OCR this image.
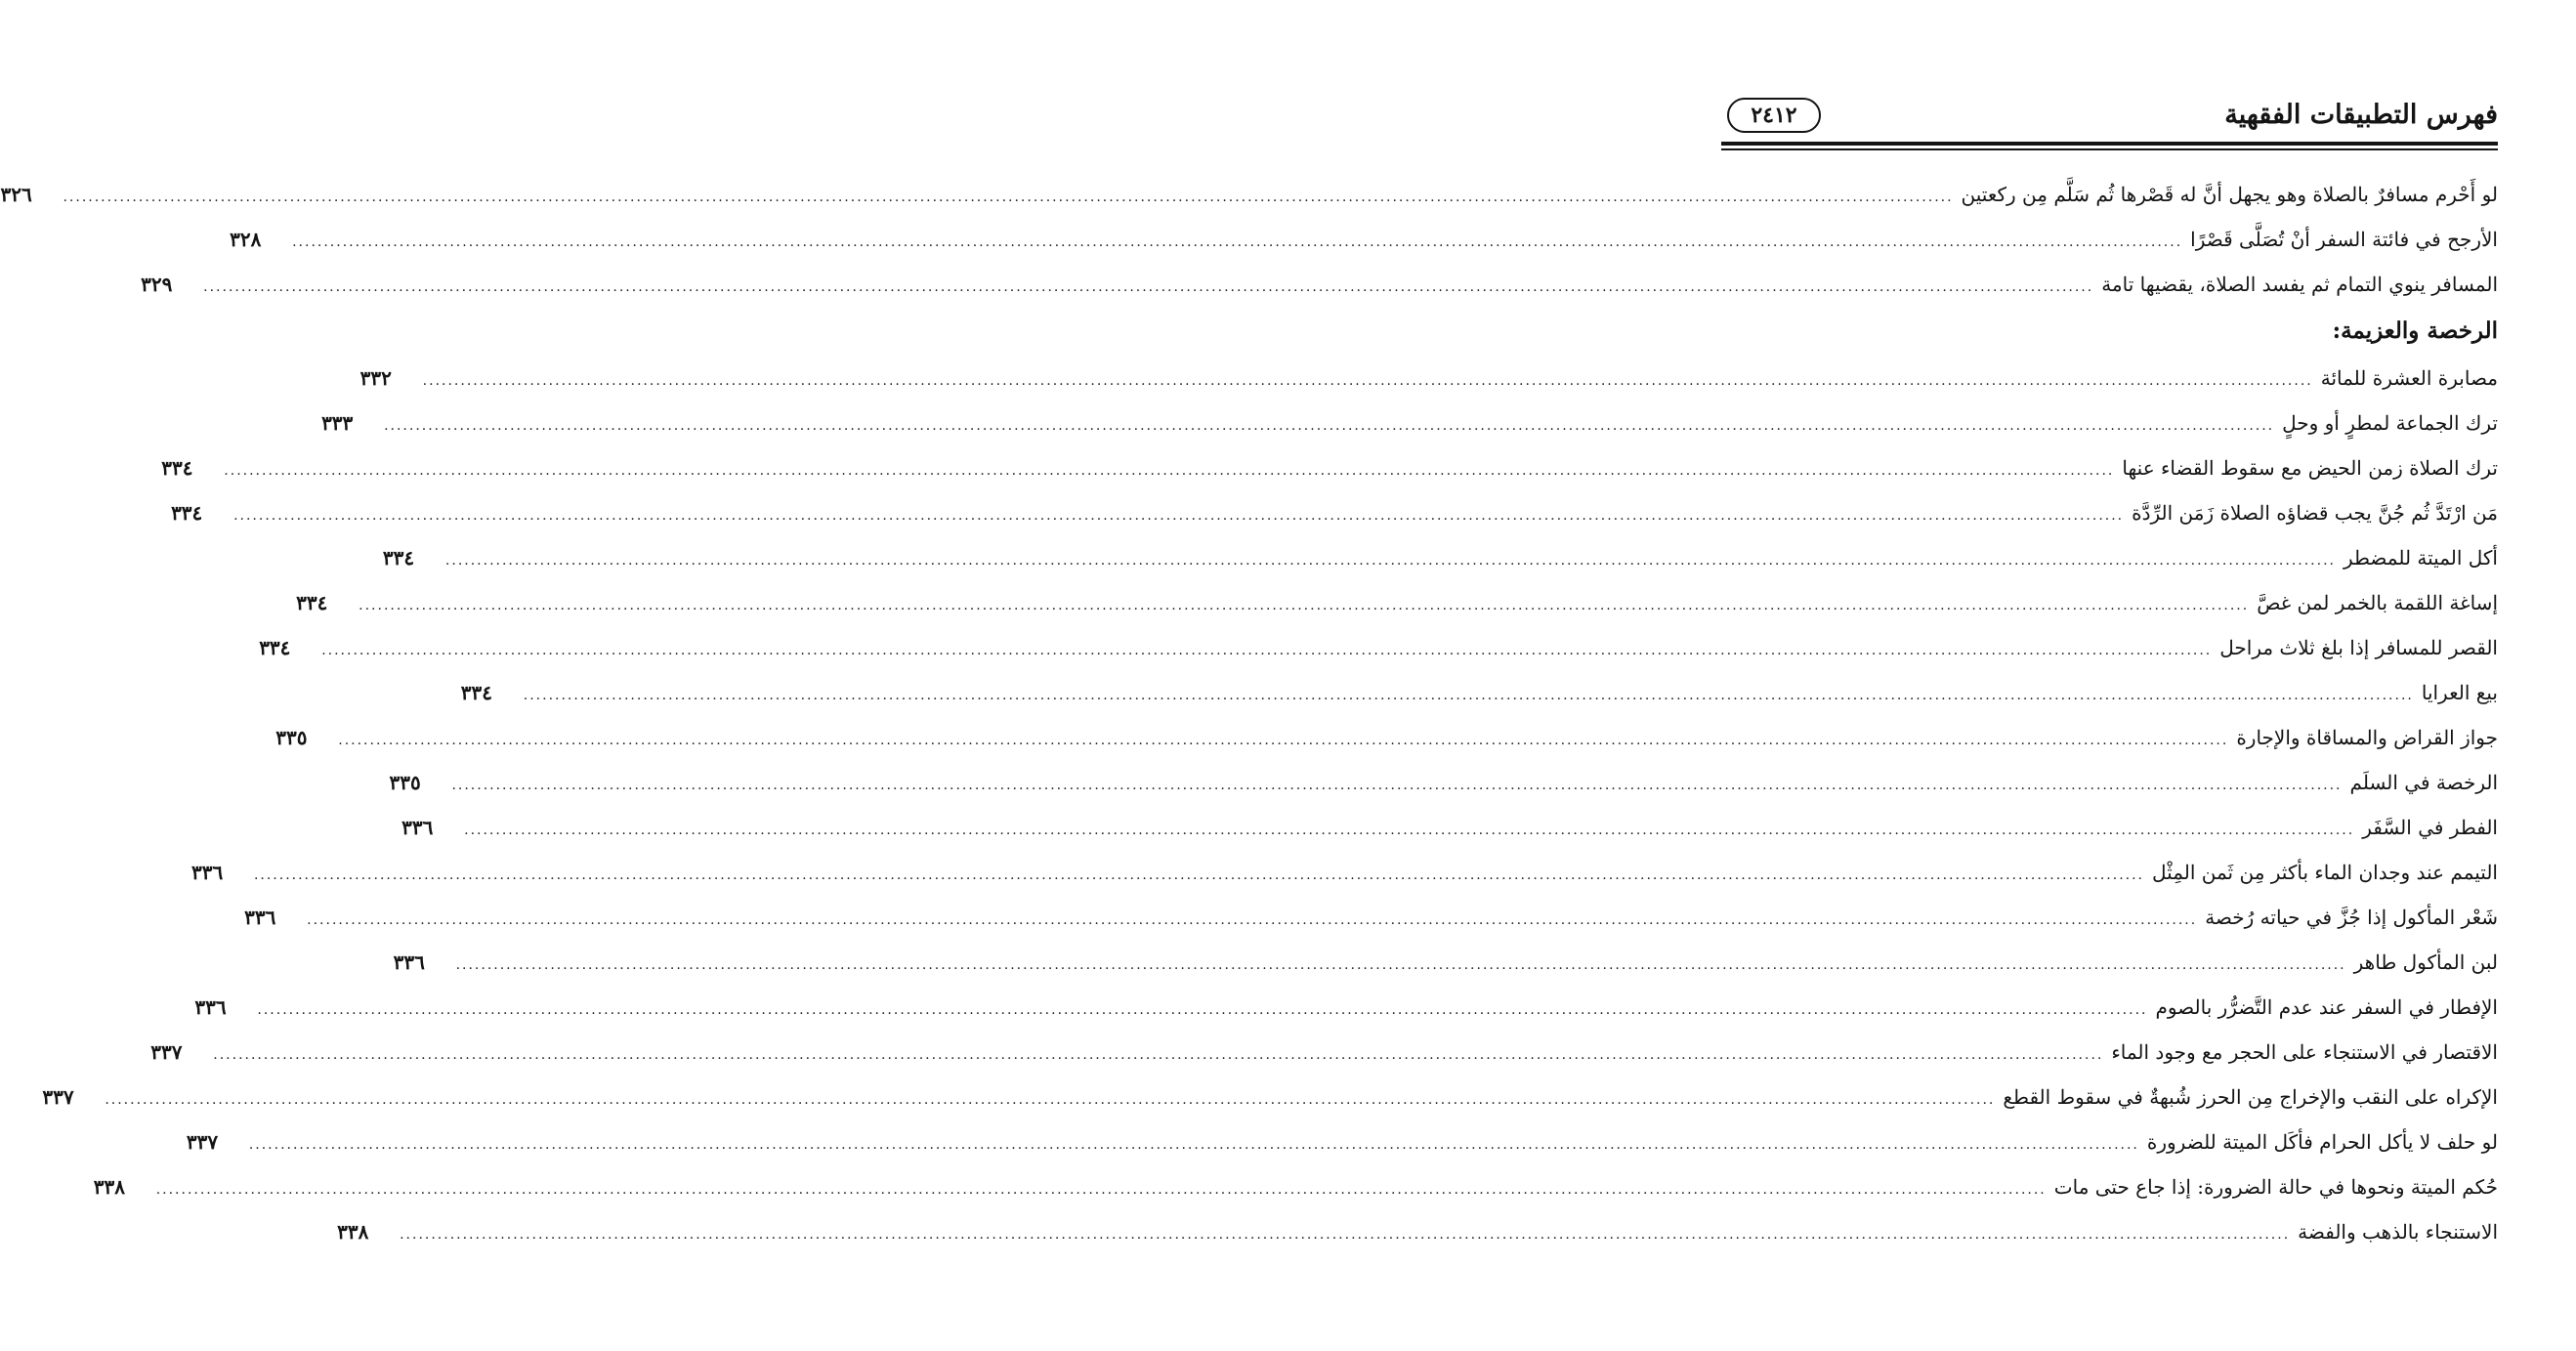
فهرس التطبيقات الفقهية
٢٤١٢
لو أَحْرم مسافرٌ بالصلاة وهو يجهل أنَّ له قَصْرها ثُم سَلَّم مِن ركعتين
............................................................................................................................................................................................................................................................................................................
٣٢٦
الأرجح في فائتة السفر أنْ تُصَلَّى قَصْرًا
............................................................................................................................................................................................................................................................................................................
٣٢٨
المسافر ينوي التمام ثم يفسد الصلاة، يقضيها تامة
............................................................................................................................................................................................................................................................................................................
٣٢٩
الرخصة والعزيمة:
مصابرة العشرة للمائة
............................................................................................................................................................................................................................................................................................................
٣٣٢
ترك الجماعة لمطرٍ أو وحلٍ
............................................................................................................................................................................................................................................................................................................
٣٣٣
ترك الصلاة زمن الحيض مع سقوط القضاء عنها
............................................................................................................................................................................................................................................................................................................
٣٣٤
مَن ارْتَدَّ ثُم جُنَّ يجب قضاؤه الصلاة زَمَن الرِّدَّة
............................................................................................................................................................................................................................................................................................................
٣٣٤
أكل الميتة للمضطر
............................................................................................................................................................................................................................................................................................................
٣٣٤
إساغة اللقمة بالخمر لمن غصَّ
............................................................................................................................................................................................................................................................................................................
٣٣٤
القصر للمسافر إذا بلغ ثلاث مراحل
............................................................................................................................................................................................................................................................................................................
٣٣٤
بيع العرايا
............................................................................................................................................................................................................................................................................................................
٣٣٤
جواز القراض والمساقاة والإجارة
............................................................................................................................................................................................................................................................................................................
٣٣٥
الرخصة في السلَم
............................................................................................................................................................................................................................................................................................................
٣٣٥
الفطر في السَّفَر
............................................................................................................................................................................................................................................................................................................
٣٣٦
التيمم عند وجدان الماء بأكثر مِن ثَمن المِثْل
............................................................................................................................................................................................................................................................................................................
٣٣٦
شَعْر المأكول إذا جُزَّ في حياته رُخصة
............................................................................................................................................................................................................................................................................................................
٣٣٦
لبن المأكول طاهر
............................................................................................................................................................................................................................................................................................................
٣٣٦
الإفطار في السفر عند عدم التَّضرُّر بالصوم
............................................................................................................................................................................................................................................................................................................
٣٣٦
الاقتصار في الاستنجاء على الحجر مع وجود الماء
............................................................................................................................................................................................................................................................................................................
٣٣٧
الإكراه على النقب والإخراج مِن الحرز شُبهةٌ في سقوط القطع
............................................................................................................................................................................................................................................................................................................
٣٣٧
لو حلف لا يأكل الحرام فأكَل الميتة للضرورة
............................................................................................................................................................................................................................................................................................................
٣٣٧
حُكم الميتة ونحوها في حالة الضرورة: إذا جاع حتى مات
............................................................................................................................................................................................................................................................................................................
٣٣٨
الاستنجاء بالذهب والفضة
............................................................................................................................................................................................................................................................................................................
٣٣٨
